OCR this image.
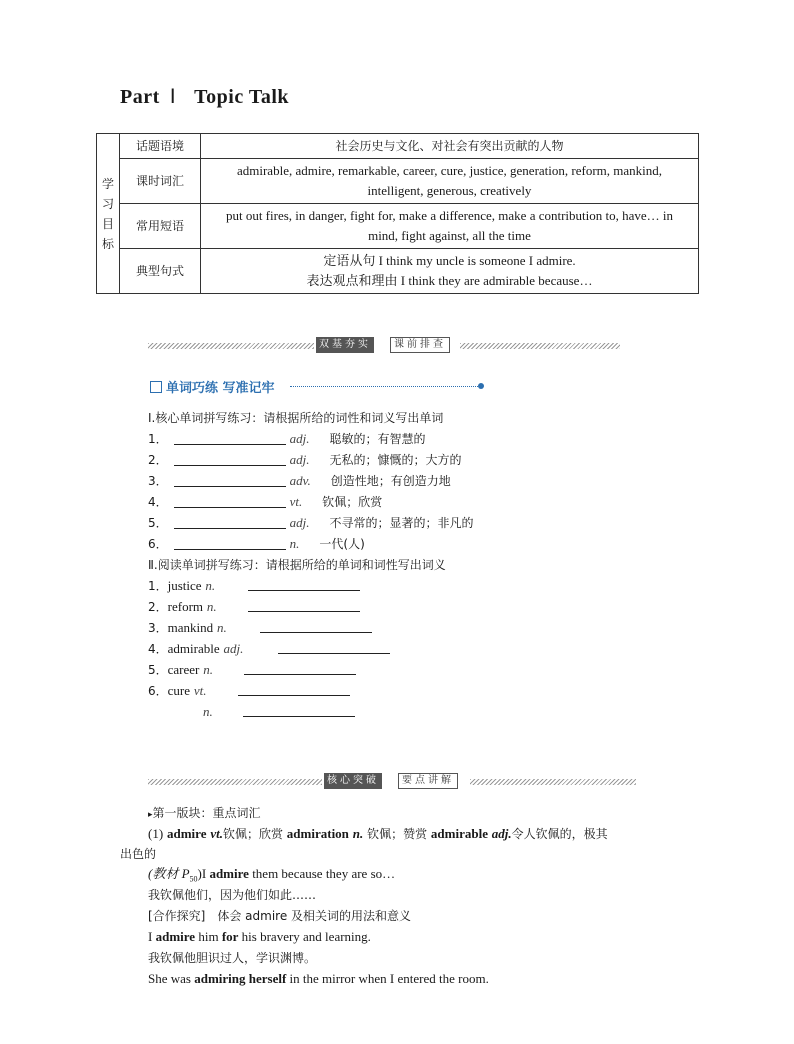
Part Ⅰ Topic Talk
学
习
目
标	话题语境	社会历史与文化、对社会有突出贡献的人物
	课时词汇	admirable, admire, remarkable, career, cure, justice, generation, reform, mankind,
intelligent, generous, creatively
	常用短语	put out fires, in danger, fight for, make a difference, make a contribution to, have… in
mind, fight against, all the time
	典型句式	定语从句 I think my uncle is someone I admire.
表达观点和理由 I think they are admirable because…
双基夯实	课前排查
单词巧练 写准记牢
Ⅰ.核心单词拼写练习：请根据所给的词性和词义写出单词
1．	adj. 聪敏的；有智慧的
2．	adj. 无私的；慷慨的；大方的
3．	adv. 创造性地；有创造力地
4．	vt. 钦佩；欣赏
5．	adj. 不寻常的；显著的；非凡的
6．	n. 一代(人)
Ⅱ.阅读单词拼写练习：请根据所给的单词和词性写出词义
1．justice n.
2．reform n.
3．mankind n.
4．admirable adj.
5．career n.
6．cure vt.
n.
核心突破	要点讲解
▸第一版块：重点词汇
(1) admire vt.钦佩；欣赏 admiration n. 钦佩；赞赏 admirable adj.令人钦佩的，极其
出色的
(教材 $P_{50})I$ admire them because they are so…
我钦佩他们，因为他们如此……
[合作探究]　体会 admire 及相关词的用法和意义
I admire him for his bravery and learning.
我钦佩他胆识过人，学识渊博。
She was admiring herself in the mirror when I entered the room.
